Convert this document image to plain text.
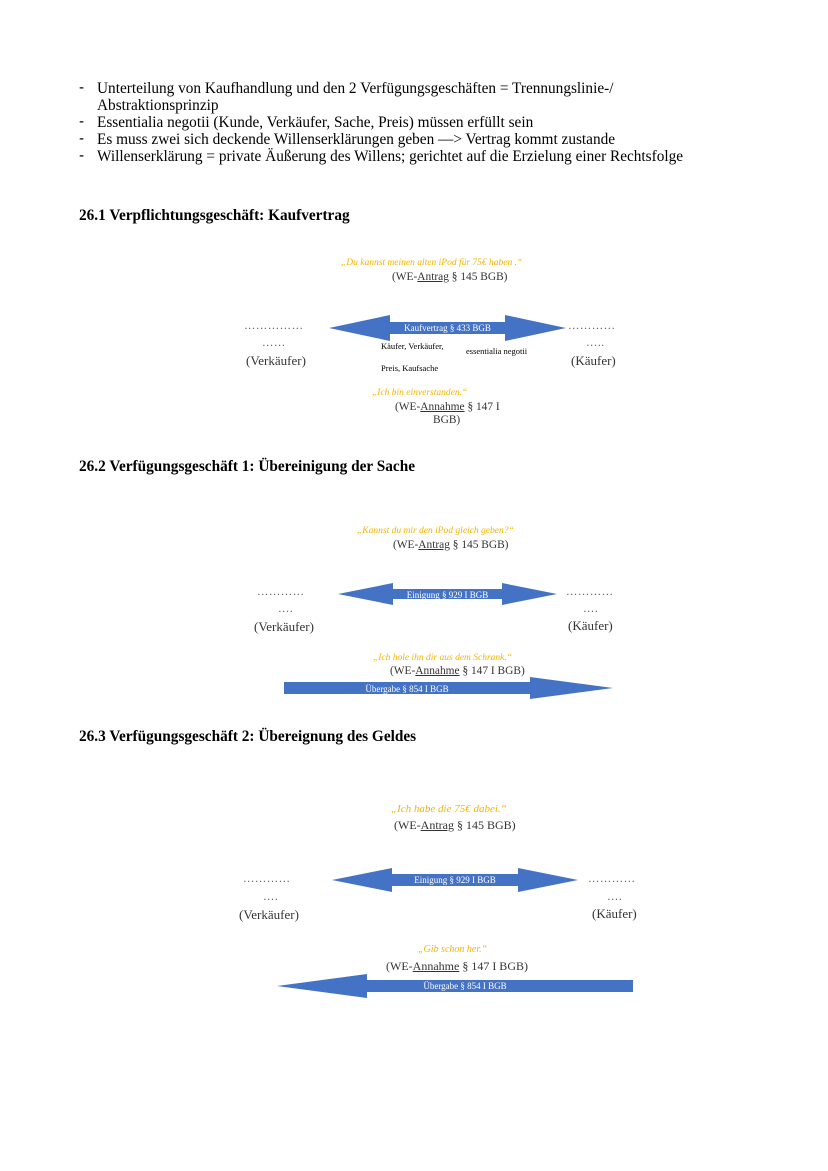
- Unterteilung von Kaufhandlung und den 2 Verfügungsgeschäften = Trennungslinie-/
Abstraktionsprinzip
- Essentialia negotii (Kunde, Verkäufer, Sache, Preis) müssen erfüllt sein
- Es muss zwei sich deckende Willenserklärungen geben —> Vertrag kommt zustande
- Willenserklärung = private Äußerung des Willens; gerichtet auf die Erzielung einer Rechtsfolge
26.1 Verpflichtungsgeschäft: Kaufvertrag
„Du kannst meinen alten iPod für 75€ haben .“
(WE-Antrag § 145 BGB)
……………
……
(Verkäufer)
…………
…..
(Käufer)
Kaufvertrag § 433 BGB
Käufer, Verkäufer,	essentialia negotii
Preis, Kaufsache
„Ich bin einverstanden.“
(WE-Annahme § 147 I
BGB)
26.2 Verfügungsgeschäft 1: Übereinigung der Sache
„Kannst du mir den iPod gleich geben?“
(WE-Antrag § 145 BGB)
…………
….
(Verkäufer)
…………
….
(Käufer)
Einigung § 929 I BGB
„Ich hole ihn dir aus dem Schrank.“
(WE-Annahme § 147 I BGB)
Übergabe § 854 I BGB
26.3 Verfügungsgeschäft 2: Übereignung des Geldes
„Ich habe die 75€ dabei.“
(WE-Antrag § 145 BGB)
…………
….
(Verkäufer)
…………
….
(Käufer)
Einigung § 929 I BGB
„Gib schon her.“
(WE-Annahme § 147 I BGB)
Übergabe § 854 I BGB
